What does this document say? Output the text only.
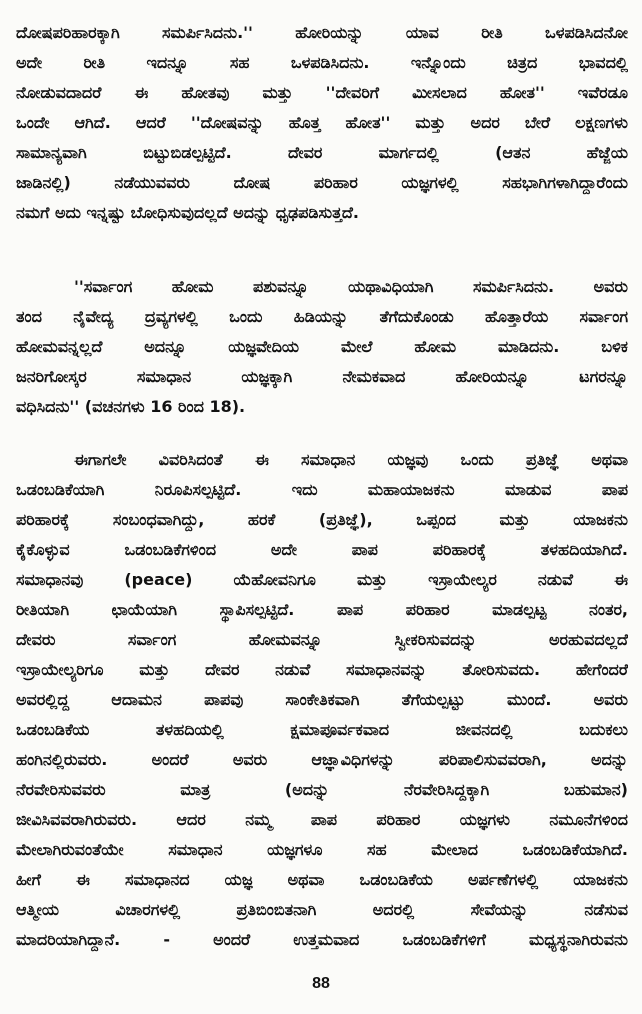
ದೋಷಪರಿಹಾರಕ್ಕಾಗಿ ಸಮರ್ಪಿಸಿದನು.'' ಹೋರಿಯನ್ನು ಯಾವ ರೀತಿ ಒಳಪಡಿಸಿದನೋ
ಅದೇ ರೀತಿ ಇದನ್ನೂ ಸಹ ಒಳಪಡಿಸಿದನು. ಇನ್ನೊಂದು ಚಿತ್ರದ ಭಾವದಲ್ಲಿ
ನೋಡುವದಾದರೆ ಈ ಹೋತವು ಮತ್ತು ''ದೇವರಿಗೆ ಮೀಸಲಾದ ಹೋತ'' ಇವೆರಡೂ
ಒಂದೇ ಆಗಿದೆ. ಆದರೆ ''ದೋಷವನ್ನು ಹೊತ್ತ ಹೋತ'' ಮತ್ತು ಅದರ ಬೇರೆ ಲಕ್ಷಣಗಳು
ಸಾಮಾನ್ಯವಾಗಿ ಬಿಟ್ಟುಬಿಡಲ್ಪಟ್ಟಿದೆ. ದೇವರ ಮಾರ್ಗದಲ್ಲಿ (ಆತನ ಹೆಜ್ಜೆಯ
ಜಾಡಿನಲ್ಲಿ) ನಡೆಯುವವರು ದೋಷ ಪರಿಹಾರ ಯಜ್ಞಗಳಲ್ಲಿ ಸಹಭಾಗಿಗಳಾಗಿದ್ದಾರೆಂದು
ನಮಗೆ ಅದು ಇನ್ನಷ್ಟು ಬೋಧಿಸುವುದಲ್ಲದೆ ಅದನ್ನು ಧೃಢಪಡಿಸುತ್ತದೆ.
''ಸರ್ವಾಂಗ ಹೋಮ ಪಶುವನ್ನೂ ಯಥಾವಿಧಿಯಾಗಿ ಸಮರ್ಪಿಸಿದನು. ಅವರು
ತಂದ ನೈವೇದ್ಯ ದ್ರವ್ಯಗಳಲ್ಲಿ ಒಂದು ಹಿಡಿಯನ್ನು ತೆಗೆದುಕೊಂಡು ಹೊತ್ತಾರೆಯ ಸರ್ವಾಂಗ
ಹೋಮವನ್ನಲ್ಲದೆ ಅದನ್ನೂ ಯಜ್ಞವೇದಿಯ ಮೇಲೆ ಹೋಮ ಮಾಡಿದನು. ಬಳಿಕ
ಜನರಿಗೋಸ್ಕರ ಸಮಾಧಾನ ಯಜ್ಞಕ್ಕಾಗಿ ನೇಮಕವಾದ ಹೋರಿಯನ್ನೂ ಟಗರನ್ನೂ
ವಧಿಸಿದನು'' (ವಚನಗಳು 16 ರಿಂದ 18).
ಈಗಾಗಲೇ ವಿವರಿಸಿದಂತೆ ಈ ಸಮಾಧಾನ ಯಜ್ಞವು ಒಂದು ಪ್ರತಿಜ್ಞೆ ಅಥವಾ
ಒಡಂಬಡಿಕೆಯಾಗಿ ನಿರೂಪಿಸಲ್ಪಟ್ಟಿದೆ. ಇದು ಮಹಾಯಾಜಕನು ಮಾಡುವ ಪಾಪ
ಪರಿಹಾರಕ್ಕೆ ಸಂಬಂಧವಾಗಿದ್ದು, ಹರಕೆ (ಪ್ರತಿಜ್ಞೆ), ಒಪ್ಪಂದ ಮತ್ತು ಯಾಜಕನು
ಕೈಕೊಳ್ಳುವ ಒಡಂಬಡಿಕೆಗಳಿಂದ ಅದೇ ಪಾಪ ಪರಿಹಾರಕ್ಕೆ ತಳಹದಿಯಾಗಿದೆ.
ಸಮಾಧಾನವು (peace) ಯೆಹೋವನಿಗೂ ಮತ್ತು ಇಸ್ರಾಯೇಲ್ಯರ ನಡುವೆ ಈ
ರೀತಿಯಾಗಿ ಛಾಯೆಯಾಗಿ ಸ್ಥಾಪಿಸಲ್ಪಟ್ಟಿದೆ. ಪಾಪ ಪರಿಹಾರ ಮಾಡಲ್ಪಟ್ಟ ನಂತರ,
ದೇವರು ಸರ್ವಾಂಗ ಹೋಮವನ್ನೂ ಸ್ವೀಕರಿಸುವದನ್ನು ಅರಹುವದಲ್ಲದೆ
ಇಸ್ರಾಯೇಲ್ಯರಿಗೂ ಮತ್ತು ದೇವರ ನಡುವೆ ಸಮಾಧಾನವನ್ನು ತೋರಿಸುವದು. ಹೇಗೆಂದರೆ
ಅವರಲ್ಲಿದ್ದ ಆದಾಮನ ಪಾಪವು ಸಾಂಕೇತಿಕವಾಗಿ ತೆಗೆಯಲ್ಪಟ್ಟು ಮುಂದೆ. ಅವರು
ಒಡಂಬಡಿಕೆಯ ತಳಹದಿಯಲ್ಲಿ ಕ್ಷಮಾಪೂರ್ವಕವಾದ ಜೀವನದಲ್ಲಿ ಬದುಕಲು
ಹಂಗಿನಲ್ಲಿರುವರು. ಅಂದರೆ ಅವರು ಆಜ್ಞಾವಿಧಿಗಳನ್ನು ಪರಿಪಾಲಿಸುವವರಾಗಿ, ಅದನ್ನು
ನೆರವೇರಿಸುವವರು ಮಾತ್ರ (ಅದನ್ನು ನೆರವೇರಿಸಿದ್ದಕ್ಕಾಗಿ ಬಹುಮಾನ)
ಜೀವಿಸಿವವರಾಗಿರುವರು. ಆದರ ನಮ್ಮ ಪಾಪ ಪರಿಹಾರ ಯಜ್ಞಗಳು ನಮೂನೆಗಳಿಂದ
ಮೇಲಾಗಿರುವಂತೆಯೇ ಸಮಾಧಾನ ಯಜ್ಞಗಳೂ ಸಹ ಮೇಲಾದ ಒಡಂಬಡಿಕೆಯಾಗಿದೆ.
ಹೀಗೆ ಈ ಸಮಾಧಾನದ ಯಜ್ಞ ಅಥವಾ ಒಡಂಬಡಿಕೆಯ ಅರ್ಪಣೆಗಳಲ್ಲಿ ಯಾಜಕನು
ಆತ್ಮೀಯ ವಿಚಾರಗಳಲ್ಲಿ ಪ್ರತಿಬಿಂಬಿತನಾಗಿ ಅದರಲ್ಲಿ ಸೇವೆಯನ್ನು ನಡೆಸುವ
ಮಾದರಿಯಾಗಿದ್ದಾನೆ. - ಅಂದರೆ ಉತ್ತಮವಾದ ಒಡಂಬಡಿಕೆಗಳಿಗೆ ಮಧ್ಯಸ್ಥನಾಗಿರುವನು
88
